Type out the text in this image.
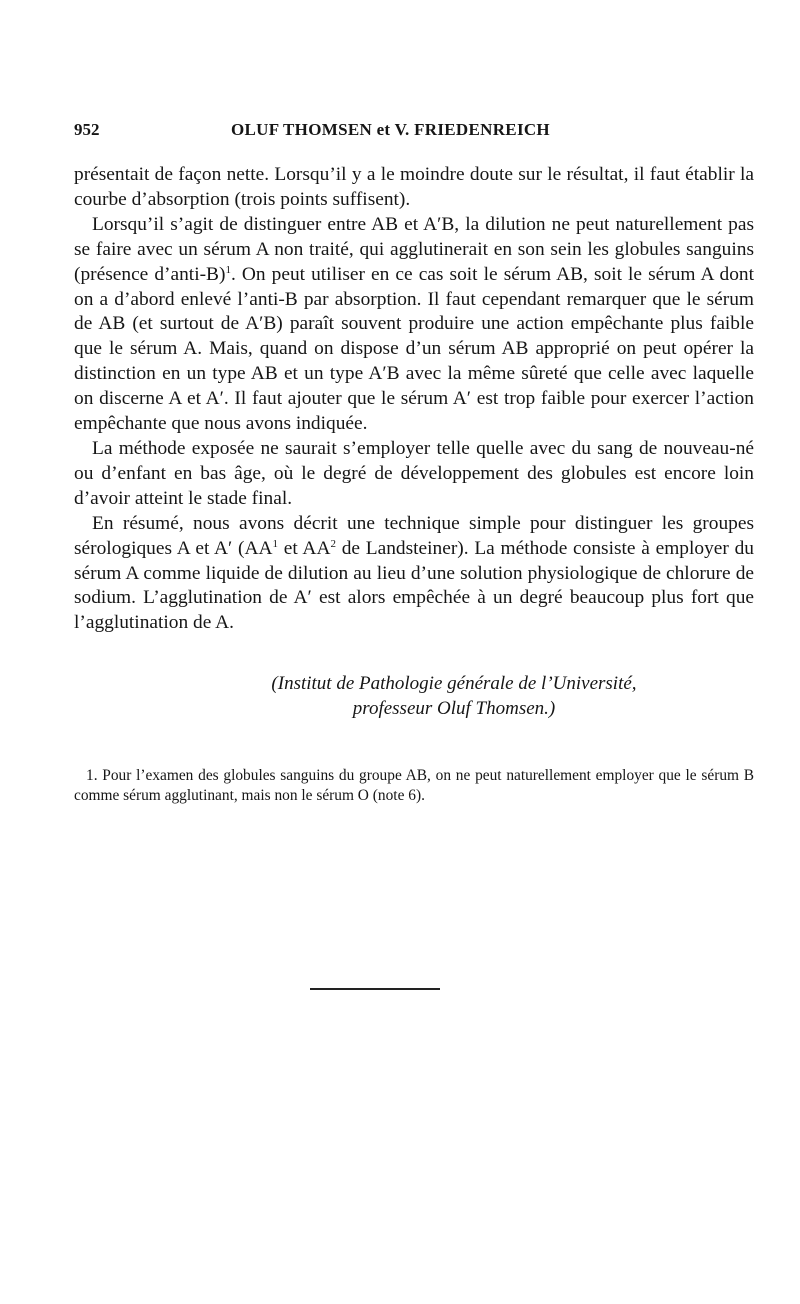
952	OLUF THOMSEN et V. FRIEDENREICH

présentait de façon nette. Lorsqu’il y a le moindre doute sur le résultat, il faut établir la courbe d’absorption (trois points suffisent).

Lorsqu’il s’agit de distinguer entre AB et A′B, la dilution ne peut naturellement pas se faire avec un sérum A non traité, qui agglutinerait en son sein les globules sanguins (présence d’anti-B)$^1$. On peut utiliser en ce cas soit le sérum AB, soit le sérum A dont on a d’abord enlevé l’anti-B par absorption. Il faut cependant remarquer que le sérum de AB (et surtout de A′B) paraît souvent produire une action empêchante plus faible que le sérum A. Mais, quand on dispose d’un sérum AB approprié on peut opérer la distinction en un type AB et un type A′B avec la même sûreté que celle avec laquelle on discerne A et A′. Il faut ajouter que le sérum A′ est trop faible pour exercer l’action empêchante que nous avons indiquée.

La méthode exposée ne saurait s’employer telle quelle avec du sang de nouveau-né ou d’enfant en bas âge, où le degré de développement des globules est encore loin d’avoir atteint le stade final.

En résumé, nous avons décrit une technique simple pour distinguer les groupes sérologiques A et A′ ($AA^1$ et $AA^2$ de Landsteiner). La méthode consiste à employer du sérum A comme liquide de dilution au lieu d’une solution physiologique de chlorure de sodium. L’agglutination de A′ est alors empêchée à un degré beaucoup plus fort que l’agglutination de A.

(Institut de Pathologie générale de l’Université,
professeur Oluf Thomsen.)

1. Pour l’examen des globules sanguins du groupe AB, on ne peut naturellement employer que le sérum B comme sérum agglutinant, mais non le sérum O (note 6).
